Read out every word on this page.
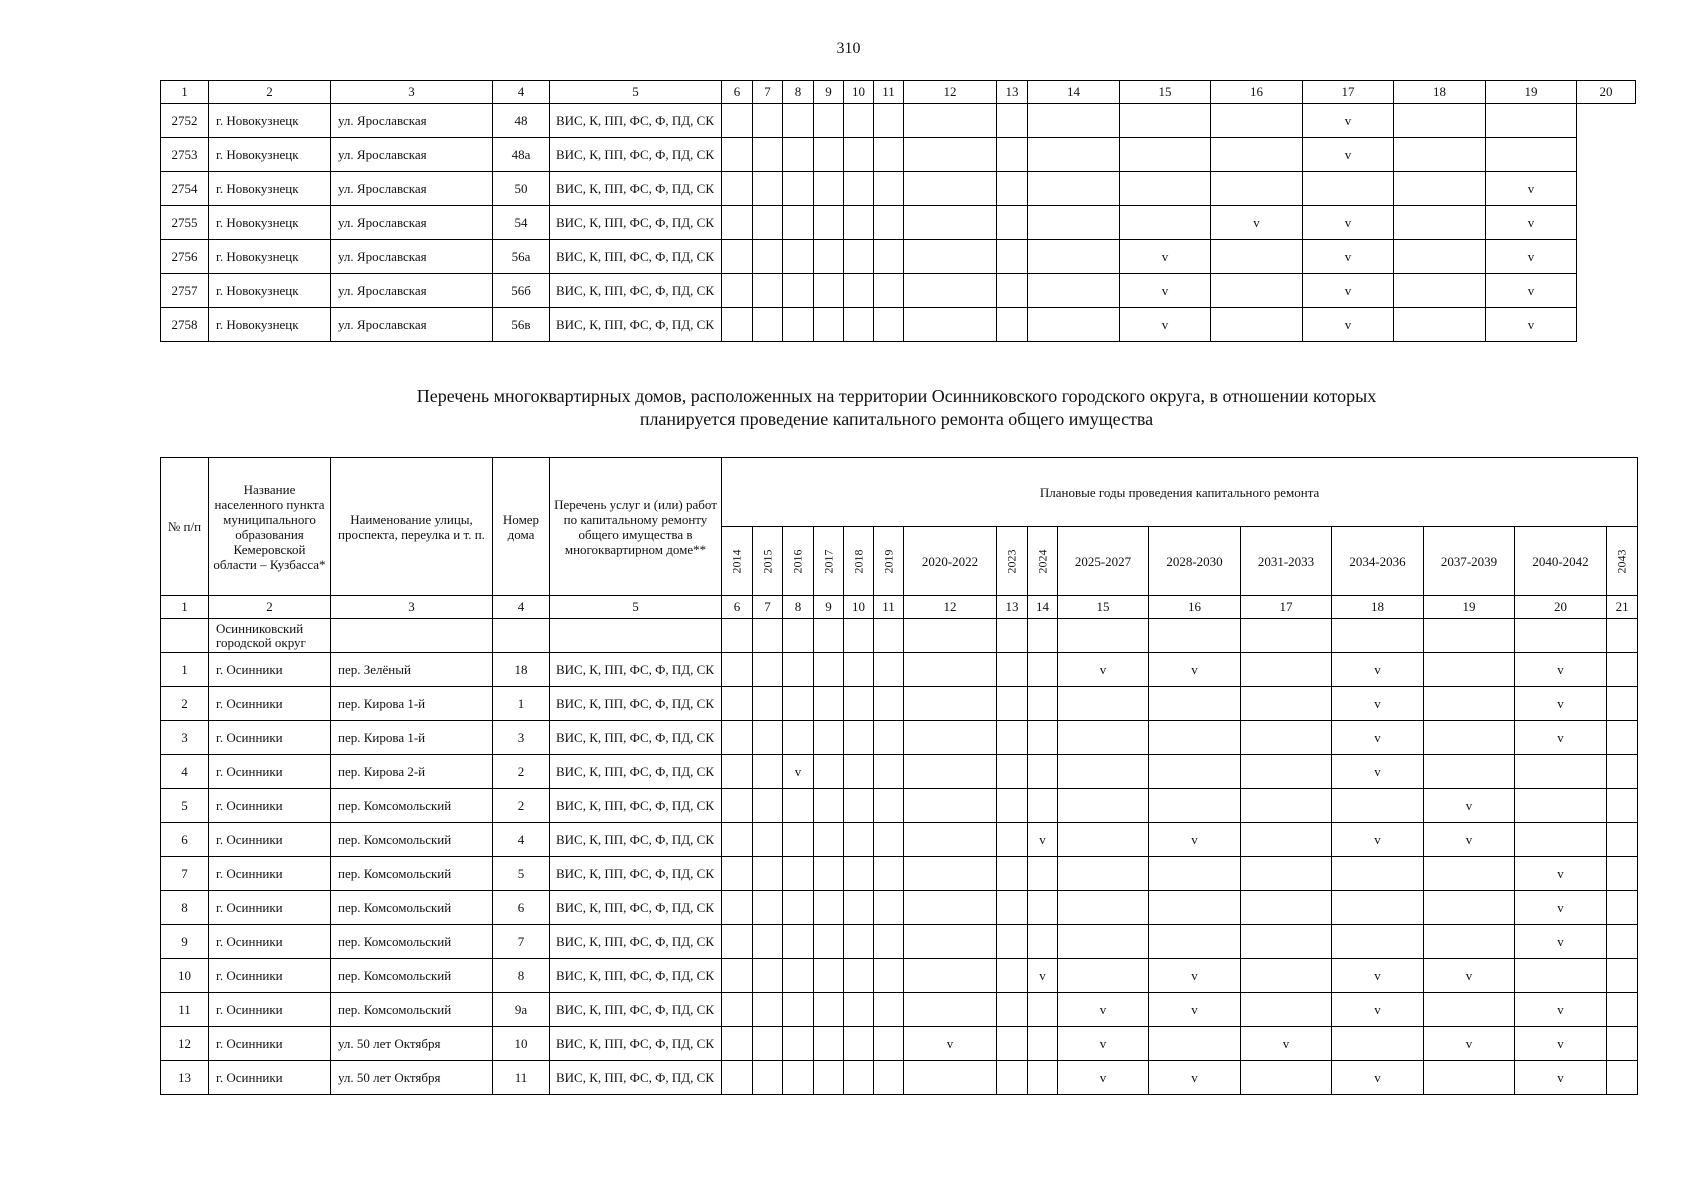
310
1	2	3	4	5	6	7	8	9	10	11	12	13	14	15	16	17	18	19	20
2752	г. Новокузнецк	ул. Ярославская	48	ВИС, К, ПП, ФС, Ф, ПД, СК												v			
2753	г. Новокузнецк	ул. Ярославская	48а	ВИС, К, ПП, ФС, Ф, ПД, СК												v			
2754	г. Новокузнецк	ул. Ярославская	50	ВИС, К, ПП, ФС, Ф, ПД, СК														v	
2755	г. Новокузнецк	ул. Ярославская	54	ВИС, К, ПП, ФС, Ф, ПД, СК											v	v		v	
2756	г. Новокузнецк	ул. Ярославская	56а	ВИС, К, ПП, ФС, Ф, ПД, СК										v		v		v	
2757	г. Новокузнецк	ул. Ярославская	56б	ВИС, К, ПП, ФС, Ф, ПД, СК										v		v		v	
2758	г. Новокузнецк	ул. Ярославская	56в	ВИС, К, ПП, ФС, Ф, ПД, СК										v		v		v	
Перечень многоквартирных домов, расположенных на территории Осинниковского городского округа, в отношении которых
планируется проведение капитального ремонта общего имущества
№ п/п	Название населенного пункта муниципального образования Кемеровской области – Кузбасса*	Наименование улицы, проспекта, переулка и т. п.	Номер дома	Перечень услуг и (или) работ по капитальному ремонту общего имущества в многоквартирном доме**	Плановые годы проведения капитального ремонта															
					2014	2015	2016	2017	2018	2019	2020-2022	2023	2024	2025-2027	2028-2030	2031-2033	2034-2036	2037-2039	2040-2042	2043
1	2	3	4	5	6	7	8	9	10	11	12	13	14	15	16	17	18	19	20	21
	Осинниковский городской округ																			
1	г. Осинники	пер. Зелёный	18	ВИС, К, ПП, ФС, Ф, ПД, СК										v	v		v		v	
2	г. Осинники	пер. Кирова 1-й	1	ВИС, К, ПП, ФС, Ф, ПД, СК													v		v	
3	г. Осинники	пер. Кирова 1-й	3	ВИС, К, ПП, ФС, Ф, ПД, СК													v		v	
4	г. Осинники	пер. Кирова 2-й	2	ВИС, К, ПП, ФС, Ф, ПД, СК			v										v			
5	г. Осинники	пер. Комсомольский	2	ВИС, К, ПП, ФС, Ф, ПД, СК														v		
6	г. Осинники	пер. Комсомольский	4	ВИС, К, ПП, ФС, Ф, ПД, СК									v		v		v	v		
7	г. Осинники	пер. Комсомольский	5	ВИС, К, ПП, ФС, Ф, ПД, СК															v	
8	г. Осинники	пер. Комсомольский	6	ВИС, К, ПП, ФС, Ф, ПД, СК															v	
9	г. Осинники	пер. Комсомольский	7	ВИС, К, ПП, ФС, Ф, ПД, СК															v	
10	г. Осинники	пер. Комсомольский	8	ВИС, К, ПП, ФС, Ф, ПД, СК									v		v		v	v		
11	г. Осинники	пер. Комсомольский	9а	ВИС, К, ПП, ФС, Ф, ПД, СК										v	v		v		v	
12	г. Осинники	ул. 50 лет Октября	10	ВИС, К, ПП, ФС, Ф, ПД, СК							v			v		v		v	v	
13	г. Осинники	ул. 50 лет Октября	11	ВИС, К, ПП, ФС, Ф, ПД, СК										v	v		v		v	
